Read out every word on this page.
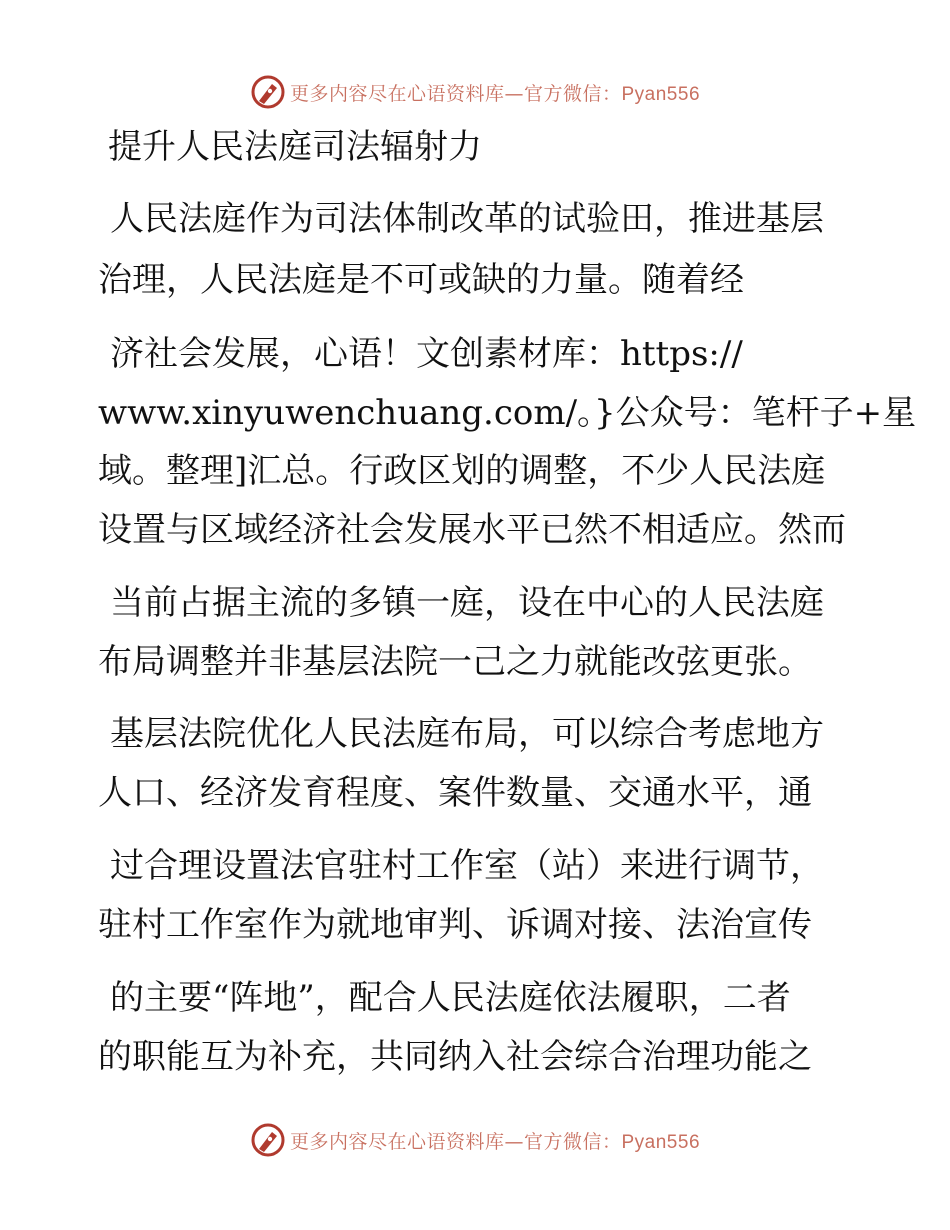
更多内容尽在心语资料库—官方微信：Pyan556
提升人民法庭司法辐射力
人民法庭作为司法体制改革的试验田，推进基层
治理，人民法庭是不可或缺的力量。随着经
济社会发展，心语！文创素材库：https://
www.xinyuwenchuang.com/。}公众号：笔杆子+星
域。整理]汇总。行政区划的调整，不少人民法庭
设置与区域经济社会发展水平已然不相适应。然而
当前占据主流的多镇一庭，设在中心的人民法庭
布局调整并非基层法院一己之力就能改弦更张。
基层法院优化人民法庭布局，可以综合考虑地方
人口、经济发育程度、案件数量、交通水平，通
过合理设置法官驻村工作室（站）来进行调节，
驻村工作室作为就地审判、诉调对接、法治宣传
的主要“阵地”，配合人民法庭依法履职，二者
的职能互为补充，共同纳入社会综合治理功能之
更多内容尽在心语资料库—官方微信：Pyan556
